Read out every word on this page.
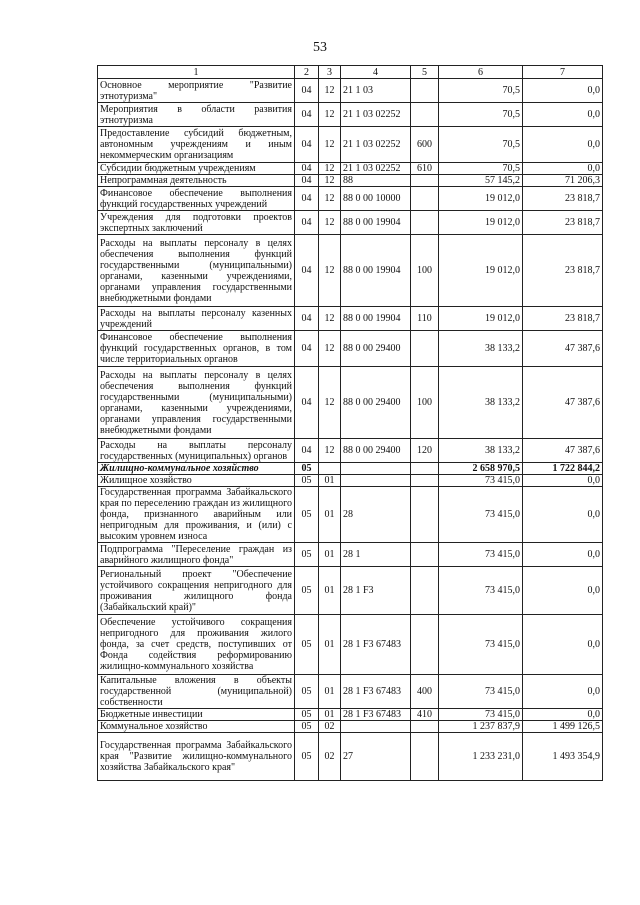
53
1	2	3	4	5	6	7
Основное мероприятие "Развитие этнотуризма"	04	12	21 1 03		70,5	0,0
Мероприятия в области развития этнотуризма	04	12	21 1 03 02252		70,5	0,0
Предоставление субсидий бюджетным, автономным учреждениям и иным некоммерческим организациям	04	12	21 1 03 02252	600	70,5	0,0
Субсидии бюджетным учреждениям	04	12	21 1 03 02252	610	70,5	0,0
Непрограммная деятельность	04	12	88		57 145,2	71 206,3
Финансовое обеспечение выполнения функций государственных учреждений	04	12	88 0 00 10000		19 012,0	23 818,7
Учреждения для подготовки проектов экспертных заключений	04	12	88 0 00 19904		19 012,0	23 818,7
Расходы на выплаты персоналу в целях обеспечения выполнения функций государственными (муниципальными) органами, казенными учреждениями, органами управления государственными внебюджетными фондами	04	12	88 0 00 19904	100	19 012,0	23 818,7
Расходы на выплаты персоналу казенных учреждений	04	12	88 0 00 19904	110	19 012,0	23 818,7
Финансовое обеспечение выполнения функций государственных органов, в том числе территориальных органов	04	12	88 0 00 29400		38 133,2	47 387,6
Расходы на выплаты персоналу в целях обеспечения выполнения функций государственными (муниципальными) органами, казенными учреждениями, органами управления государственными внебюджетными фондами	04	12	88 0 00 29400	100	38 133,2	47 387,6
Расходы на выплаты персоналу государственных (муниципальных) органов	04	12	88 0 00 29400	120	38 133,2	47 387,6
Жилищно-коммунальное хозяйство	05				2 658 970,5	1 722 844,2
Жилищное хозяйство	05	01			73 415,0	0,0
Государственная программа Забайкальского края по переселению граждан из жилищного фонда, признанного аварийным или непригодным для проживания, и (или) с высоким уровнем износа	05	01	28		73 415,0	0,0
Подпрограмма "Переселение граждан из аварийного жилищного фонда"	05	01	28 1		73 415,0	0,0
Региональный проект "Обеспечение устойчивого сокращения непригодного для проживания жилищного фонда (Забайкальский край)"	05	01	28 1 F3		73 415,0	0,0
Обеспечение устойчивого сокращения непригодного для проживания жилого фонда, за счет средств, поступивших от Фонда содействия реформированию жилищно-коммунального хозяйства	05	01	28 1 F3 67483		73 415,0	0,0
Капитальные вложения в объекты государственной (муниципальной) собственности	05	01	28 1 F3 67483	400	73 415,0	0,0
Бюджетные инвестиции	05	01	28 1 F3 67483	410	73 415,0	0,0
Коммунальное хозяйство	05	02			1 237 837,9	1 499 126,5
Государственная программа Забайкальского края "Развитие жилищно-коммунального хозяйства Забайкальского края"	05	02	27		1 233 231,0	1 493 354,9
